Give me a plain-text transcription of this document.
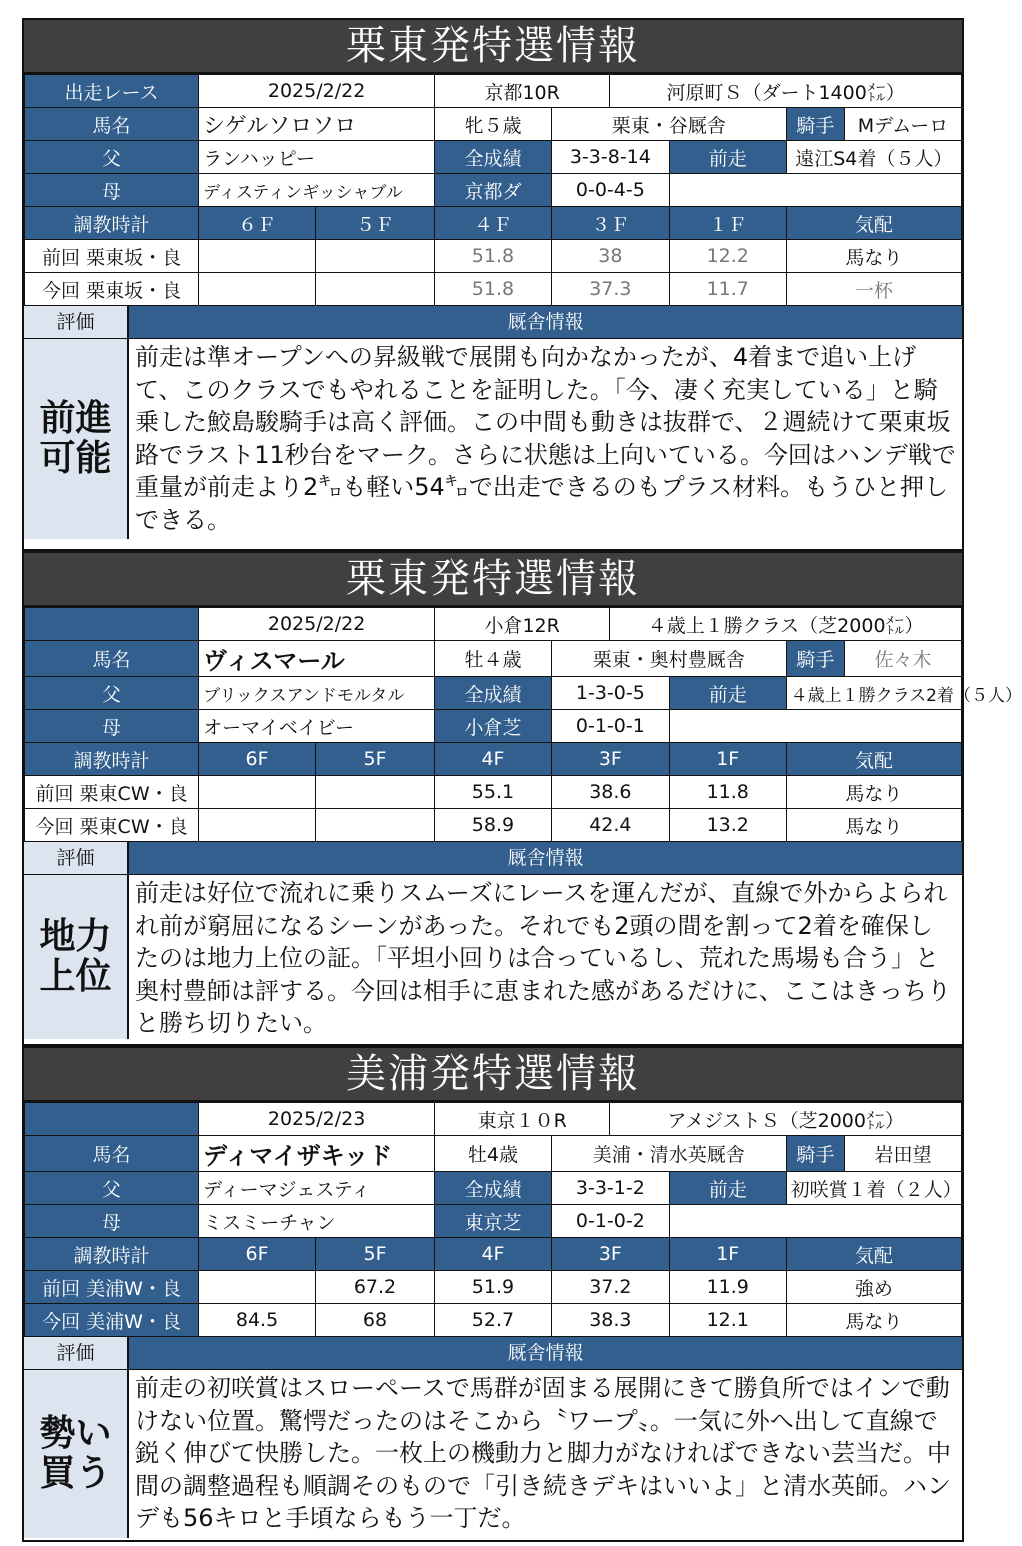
栗東発特選情報
出走レース	2025/2/22		京都10R		河原町Ｓ（ダート1400㍍）			
馬名	シゲルソロソロ		牝５歳	栗東・谷厩舎			騎手	Mデムーロ
父	ランハッピー		全成績	3-3-8-14		前走	遠江S4着（５人）	
母	ディスティンギッシャブル		京都ダ	0-0-4-5				
調教時計	６Ｆ	５Ｆ	４Ｆ	３Ｆ		１Ｆ	気配	
前回 栗東坂・良			51.8	38		12.2	馬なり	
今回 栗東坂・良			51.8	37.3		11.7	一杯	
評価	厩舎情報
前進
可能
前走は準オープンへの昇級戦で展開も向かなかったが、4着まで追い上げて、このクラスでもやれることを証明した。「今、凄く充実している」と騎乗した鮫島駿騎手は高く評価。この中間も動きは抜群で、２週続けて栗東坂路でラスト11秒台をマーク。さらに状態は上向いている。今回はハンデ戦で重量が前走より2㌔も軽い54㌔で出走できるのもプラス材料。もうひと押しできる。
栗東発特選情報
	2025/2/22		小倉12R		４歳上１勝クラス（芝2000㍍）			
馬名	ヴィスマール		牡４歳	栗東・奥村豊厩舎			騎手	佐々木
父	ブリックスアンドモルタル		全成績	1-3-0-5		前走	４歳上１勝クラス2着（５人）	
母	オーマイベイビー		小倉芝	0-1-0-1				
調教時計	6F	5F	4F	3F		1F	気配	
前回 栗東CW・良			55.1	38.6		11.8	馬なり	
今回 栗東CW・良			58.9	42.4		13.2	馬なり	
評価	厩舎情報
地力
上位
前走は好位で流れに乗りスムーズにレースを運んだが、直線で外からよられれ前が窮屈になるシーンがあった。それでも2頭の間を割って2着を確保したのは地力上位の証。「平坦小回りは合っているし、荒れた馬場も合う」と奥村豊師は評する。今回は相手に恵まれた感があるだけに、ここはきっちりと勝ち切りたい。
美浦発特選情報
	2025/2/23		東京１０R		アメジストＳ（芝2000㍍）			
馬名	ディマイザキッド		牡4歳	美浦・清水英厩舎			騎手	岩田望
父	ディーマジェスティ		全成績	3-3-1-2		前走	初咲賞１着（２人）	
母	ミスミーチャン		東京芝	0-1-0-2				
調教時計	6F	5F	4F	3F		1F	気配	
前回 美浦W・良		67.2	51.9	37.2		11.9	強め	
今回 美浦W・良	84.5	68	52.7	38.3		12.1	馬なり	
評価	厩舎情報
勢い
買う
前走の初咲賞はスローペースで馬群が固まる展開にきて勝負所ではインで動けない位置。驚愕だったのはそこから〝ワープ〟。一気に外へ出して直線で鋭く伸びて快勝した。一枚上の機動力と脚力がなければできない芸当だ。中間の調整過程も順調そのもので「引き続きデキはいいよ」と清水英師。ハンデも56キロと手頃ならもう一丁だ。
